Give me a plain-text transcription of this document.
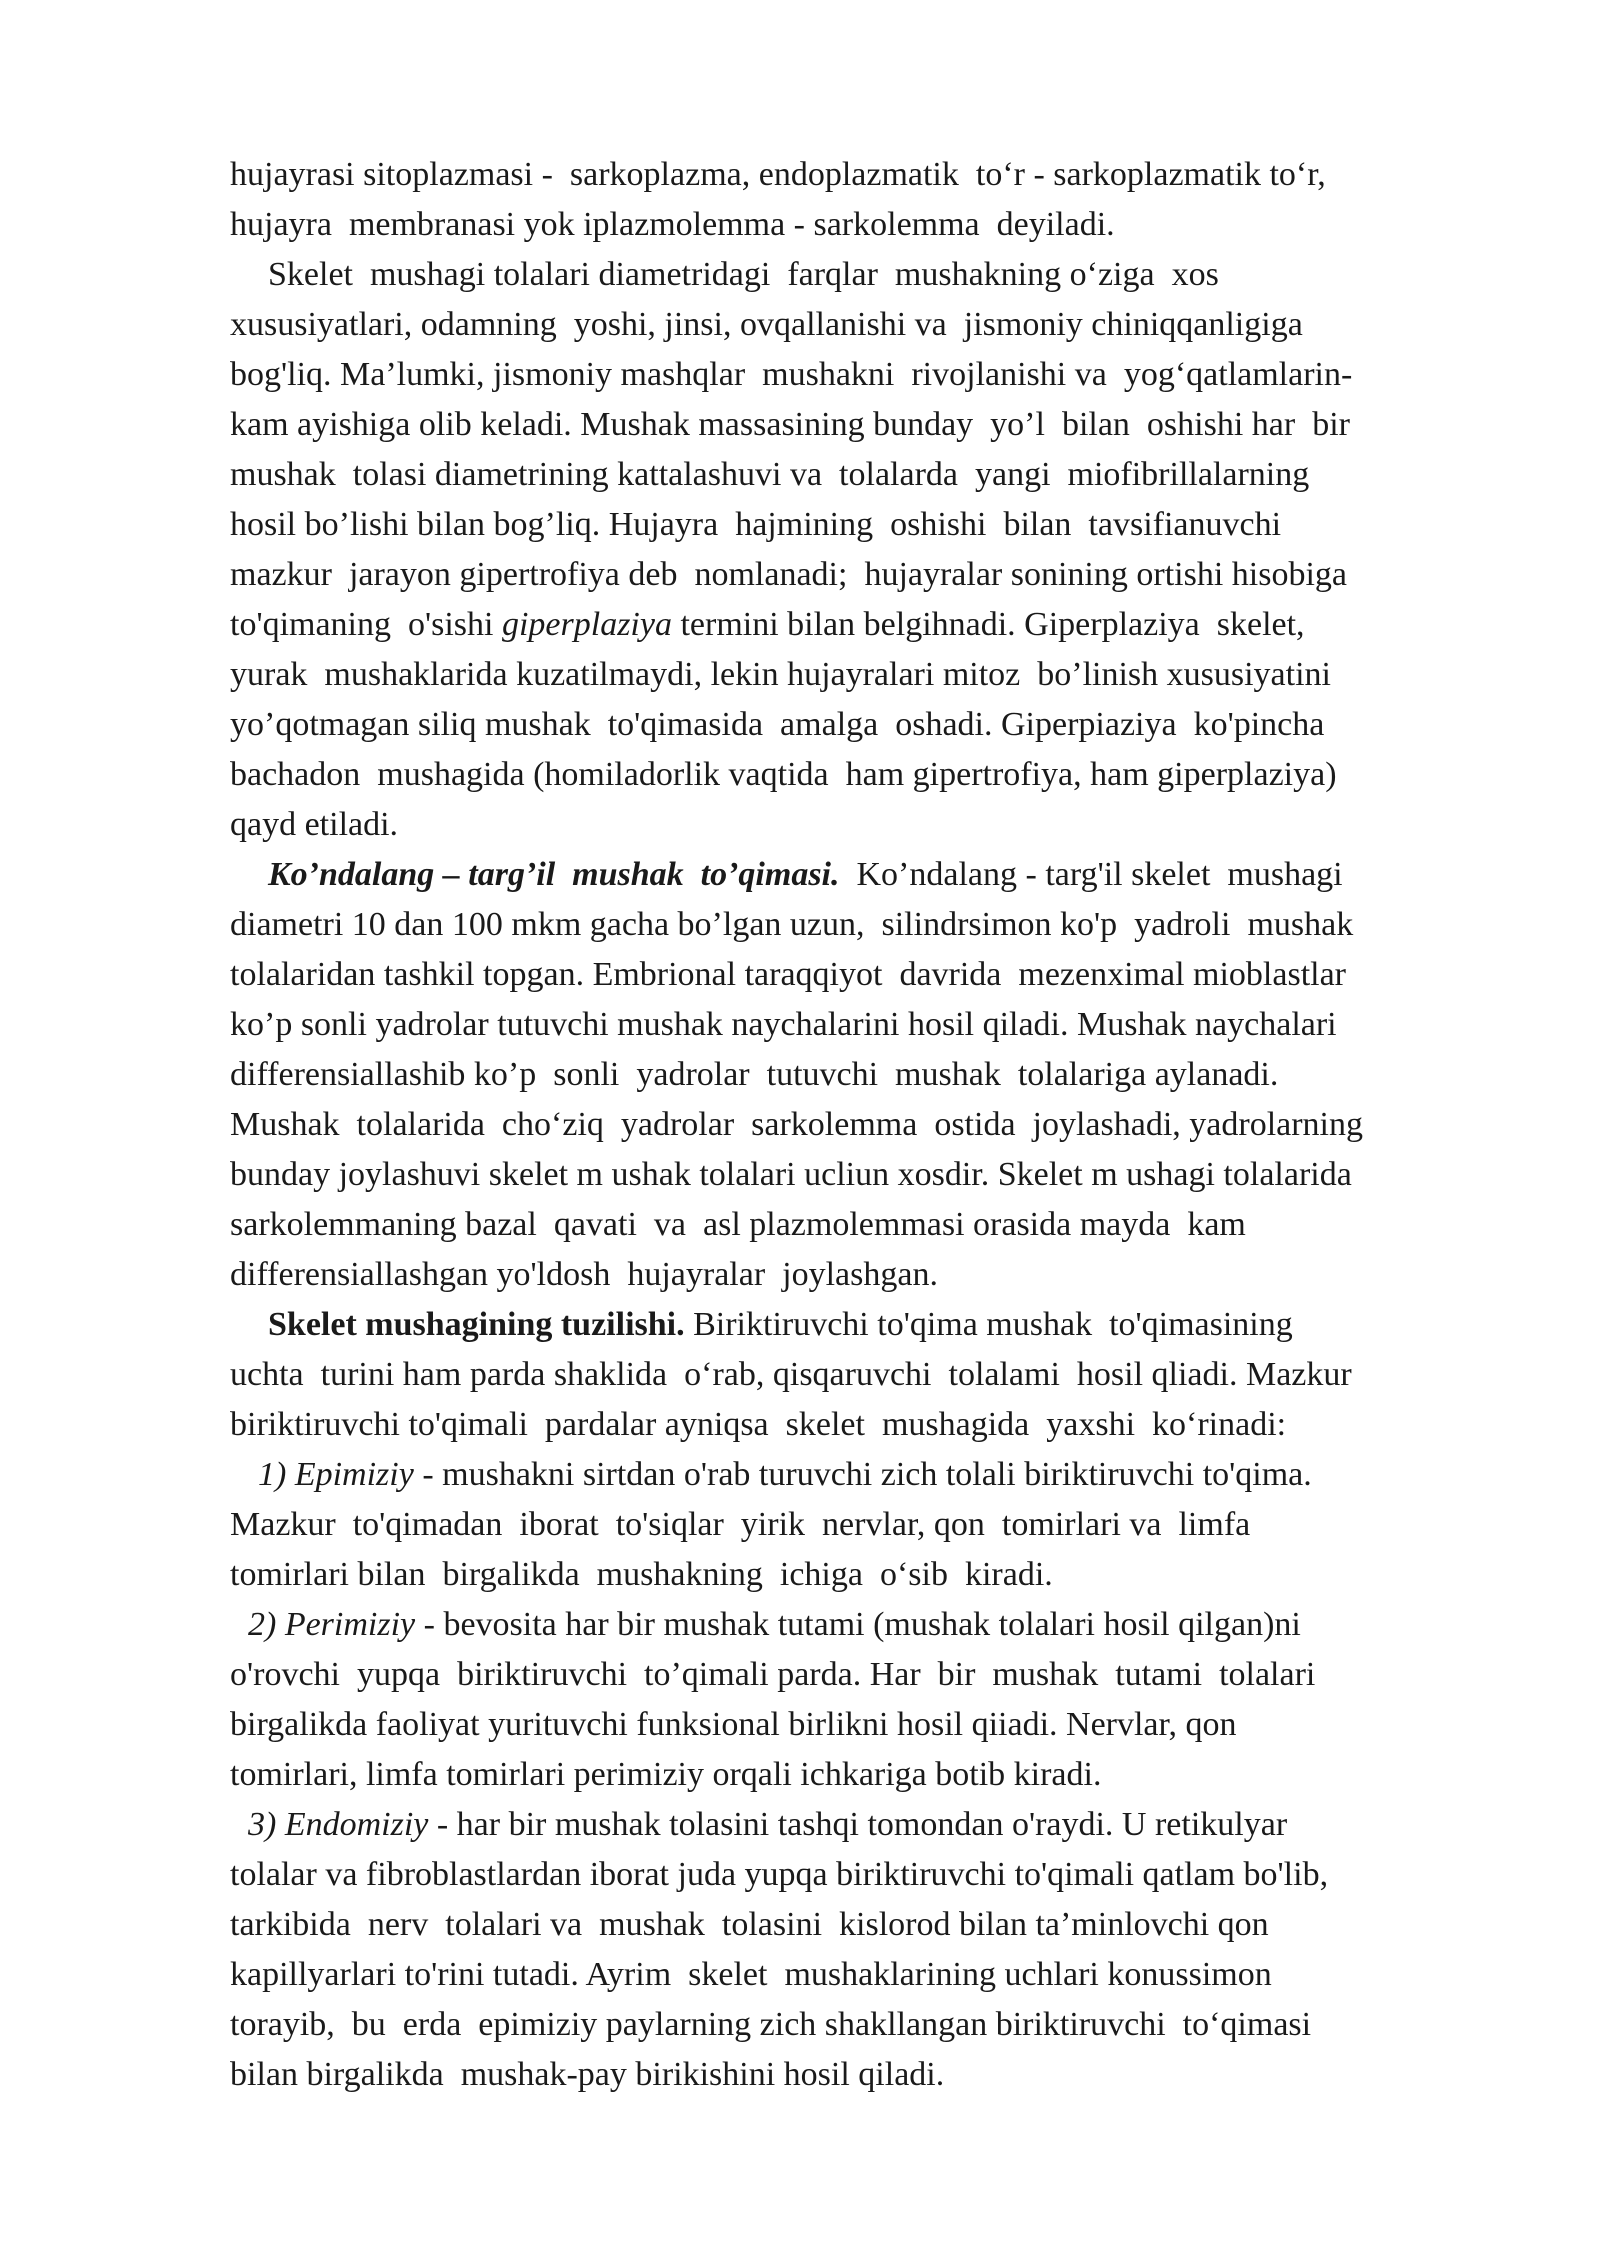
hujayrasi sitoplazmasi -  sarkoplazma, endoplazmatik  to‘r - sarkoplazmatik to‘r,
hujayra  membranasi yok iplazmolemma - sarkolemma  deyiladi.
Skelet  mushagi tolalari diametridagi  farqlar  mushakning o‘ziga  xos
xususiyatlari, odamning  yoshi, jinsi, ovqallanishi va  jismoniy chiniqqanligiga
bog'liq. Ma’lumki, jismoniy mashqlar  mushakni  rivojlanishi va  yog‘qatlamlarin-
kam ayishiga olib keladi. Mushak massasining bunday  yo’l  bilan  oshishi har  bir
mushak  tolasi diametrining kattalashuvi va  tolalarda  yangi  miofibrillalarning
hosil bo’lishi bilan bog’liq. Hujayra  hajmining  oshishi  bilan  tavsifianuvchi
mazkur  jarayon gipertrofiya deb  nomlanadi;  hujayralar sonining ortishi hisobiga
to'qimaning  o'sishi giperplaziya termini bilan belgihnadi. Giperplaziya  skelet,
yurak  mushaklarida kuzatilmaydi, lekin hujayralari mitoz  bo’linish xususiyatini
yo’qotmagan siliq mushak  to'qimasida  amalga  oshadi. Giperpiaziya  ko'pincha
bachadon  mushagida (homiladorlik vaqtida  ham gipertrofiya, ham giperplaziya)
qayd etiladi.
Ko’ndalang – targ’il  mushak  to’qimasi.  Ko’ndalang - targ'il skelet  mushagi
diametri 10 dan 100 mkm gacha bo’lgan uzun,  silindrsimon ko'p  yadroli  mushak
tolalaridan tashkil topgan. Embrional taraqqiyot  davrida  mezenximal mioblastlar
ko’p sonli yadrolar tutuvchi mushak naychalarini hosil qiladi. Mushak naychalari
differensiallashib ko’p  sonli  yadrolar  tutuvchi  mushak  tolalariga aylanadi.
Mushak  tolalarida  cho‘ziq  yadrolar  sarkolemma  ostida  joylashadi, yadrolarning
bunday joylashuvi skelet m ushak tolalari ucliun xosdir. Skelet m ushagi tolalarida
sarkolemmaning bazal  qavati  va  asl plazmolemmasi orasida mayda  kam
differensiallashgan yo'ldosh  hujayralar  joylashgan.
Skelet mushagining tuzilishi. Biriktiruvchi to'qima mushak  to'qimasining
uchta  turini ham parda shaklida  o‘rab, qisqaruvchi  tolalami  hosil qliadi. Mazkur
biriktiruvchi to'qimali  pardalar ayniqsa  skelet  mushagida  yaxshi  ko‘rinadi:
1) Epimiziy - mushakni sirtdan o'rab turuvchi zich tolali biriktiruvchi to'qima.
Mazkur  to'qimadan  iborat  to'siqlar  yirik  nervlar, qon  tomirlari va  limfa
tomirlari bilan  birgalikda  mushakning  ichiga  o‘sib  kiradi.
2) Perimiziy - bevosita har bir mushak tutami (mushak tolalari hosil qilgan)ni
o'rovchi  yupqa  biriktiruvchi  to’qimali parda. Har  bir  mushak  tutami  tolalari
birgalikda faoliyat yurituvchi funksional birlikni hosil qiiadi. Nervlar, qon
tomirlari, limfa tomirlari perimiziy orqali ichkariga botib kiradi.
3) Endomiziy - har bir mushak tolasini tashqi tomondan o'raydi. U retikulyar
tolalar va fibroblastlardan iborat juda yupqa biriktiruvchi to'qimali qatlam bo'lib,
tarkibida  nerv  tolalari va  mushak  tolasini  kislorod bilan ta’minlovchi qon
kapillyarlari to'rini tutadi. Ayrim  skelet  mushaklarining uchlari konussimon
torayib,  bu  erda  epimiziy paylarning zich shakllangan biriktiruvchi  to‘qimasi
bilan birgalikda  mushak-pay birikishini hosil qiladi.
